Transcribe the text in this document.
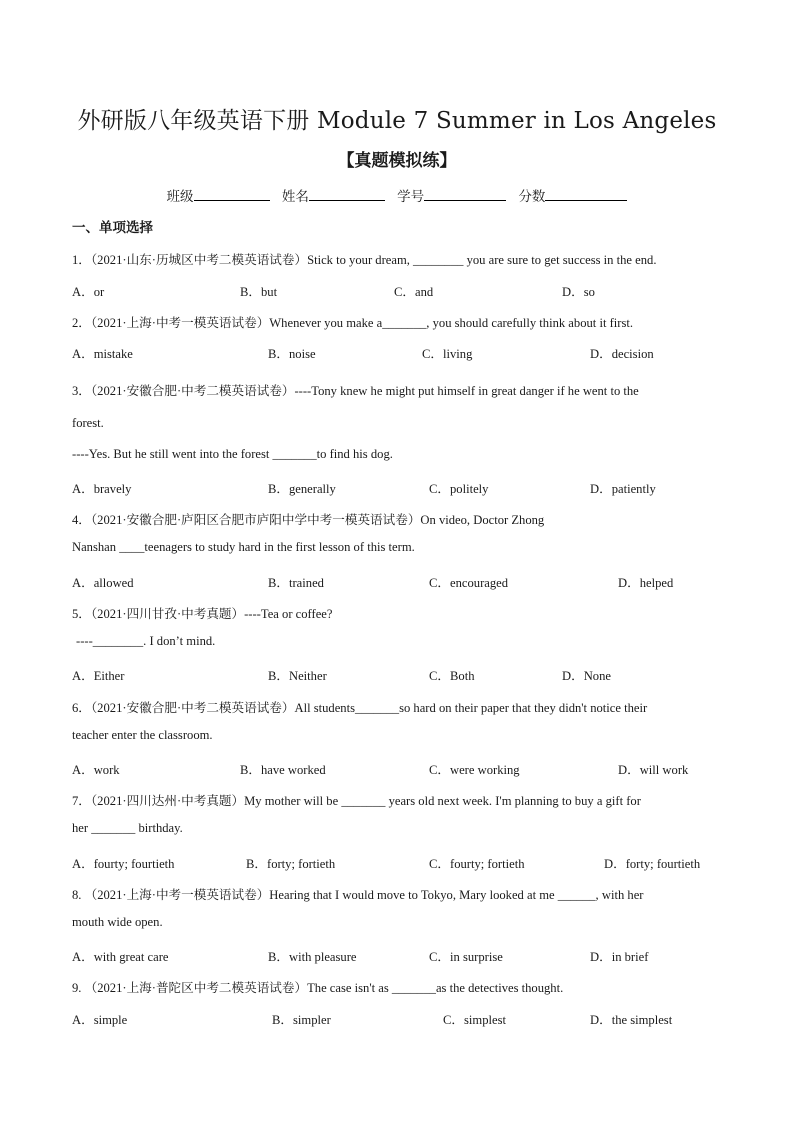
外研版八年级英语下册 Module 7 Summer in Los Angeles
【真题模拟练】
班级	姓名	学号	分数
一、单项选择
1．（2021·山东·历城区中考二模英语试卷）Stick to your dream, ________ you are sure to get success in the end.
A．or	B．but	C．and	D．so
2．（2021·上海·中考一模英语试卷）Whenever you make a_______, you should carefully think about it first.
A．mistake	B．noise	C．living	D．decision
3．（2021·安徽合肥·中考二模英语试卷）----Tony knew he might put himself in great danger if he went to the
forest.
----Yes. But he still went into the forest _______to find his dog.
A．bravely	B．generally	C．politely	D．patiently
4．（2021·安徽合肥·庐阳区合肥市庐阳中学中考一模英语试卷）On video, Doctor Zhong
Nanshan ____teenagers to study hard in the first lesson of this term.
A．allowed	B．trained	C．encouraged	D．helped
5．（2021·四川甘孜·中考真题）----Tea or coffee?
----________. I don’t mind.
A．Either	B．Neither	C．Both	D．None
6．（2021·安徽合肥·中考二模英语试卷）All students_______so hard on their paper that they didn't notice their
teacher enter the classroom.
A．work	B．have worked	C．were working	D．will work
7．（2021·四川达州·中考真题）My mother will be _______ years old next week. I'm planning to buy a gift for
her _______ birthday.
A．fourty; fourtieth	B．forty; fortieth	C．fourty; fortieth	D．forty; fourtieth
8. （2021·上海·中考一模英语试卷）Hearing that I would move to Tokyo, Mary looked at me ______, with her
mouth wide open.
A．with great care	B．with pleasure	C．in surprise	D．in brief
9. （2021·上海·普陀区中考二模英语试卷）The case isn't as _______as the detectives thought.
A．simple	B．simpler	C．simplest	D．the simplest
